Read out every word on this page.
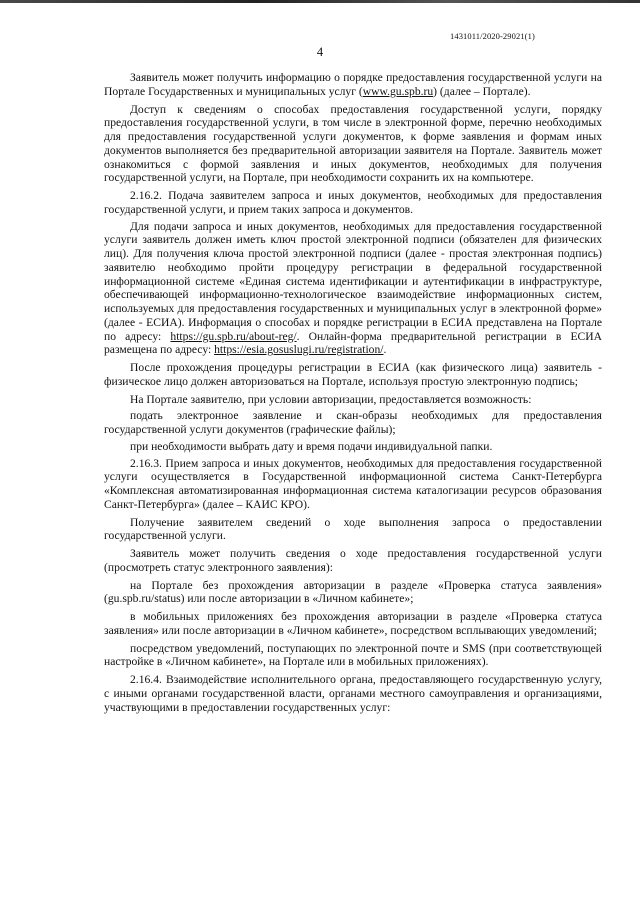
1431011/2020-29021(1)
4

Заявитель может получить информацию о порядке предоставления государственной услуги на Портале Государственных и муниципальных услуг (www.gu.spb.ru) (далее – Портале).

Доступ к сведениям о способах предоставления государственной услуги, порядку предоставления государственной услуги, в том числе в электронной форме, перечню необходимых для предоставления государственной услуги документов, к форме заявления и формам иных документов выполняется без предварительной авторизации заявителя на Портале. Заявитель может ознакомиться с формой заявления и иных документов, необходимых для получения государственной услуги, на Портале, при необходимости сохранить их на компьютере.

2.16.2. Подача заявителем запроса и иных документов, необходимых для предоставления государственной услуги, и прием таких запроса и документов.

Для подачи запроса и иных документов, необходимых для предоставления государственной услуги заявитель должен иметь ключ простой электронной подписи (обязателен для физических лиц). Для получения ключа простой электронной подписи (далее - простая электронная подпись) заявителю необходимо пройти процедуру регистрации в федеральной государственной информационной системе «Единая система идентификации и аутентификации в инфраструктуре, обеспечивающей информационно-технологическое взаимодействие информационных систем, используемых для предоставления государственных и муниципальных услуг в электронной форме» (далее - ЕСИА). Информация о способах и порядке регистрации в ЕСИА представлена на Портале по адресу: https://gu.spb.ru/about-reg/. Онлайн-форма предварительной регистрации в ЕСИА размещена по адресу: https://esia.gosuslugi.ru/registration/.

После прохождения процедуры регистрации в ЕСИА (как физического лица) заявитель - физическое лицо должен авторизоваться на Портале, используя простую электронную подпись;

На Портале заявителю, при условии авторизации, предоставляется возможность:

подать электронное заявление и скан-образы необходимых для предоставления государственной услуги документов (графические файлы);

при необходимости выбрать дату и время подачи индивидуальной папки.

2.16.3. Прием запроса и иных документов, необходимых для предоставления государственной услуги осуществляется в Государственной информационной система Санкт-Петербурга «Комплексная автоматизированная информационная система каталогизации ресурсов образования Санкт-Петербурга» (далее – КАИС КРО).

Получение заявителем сведений о ходе выполнения запроса о предоставлении государственной услуги.

Заявитель может получить сведения о ходе предоставления государственной услуги (просмотреть статус электронного заявления):

на Портале без прохождения авторизации в разделе «Проверка статуса заявления» (gu.spb.ru/status) или после авторизации в «Личном кабинете»;

в мобильных приложениях без прохождения авторизации в разделе «Проверка статуса заявления» или после авторизации в «Личном кабинете», посредством всплывающих уведомлений;

посредством уведомлений, поступающих по электронной почте и SMS (при соответствующей настройке в «Личном кабинете», на Портале или в мобильных приложениях).

2.16.4. Взаимодействие исполнительного органа, предоставляющего государственную услугу, с иными органами государственной власти, органами местного самоуправления и организациями, участвующими в предоставлении государственных услуг:
